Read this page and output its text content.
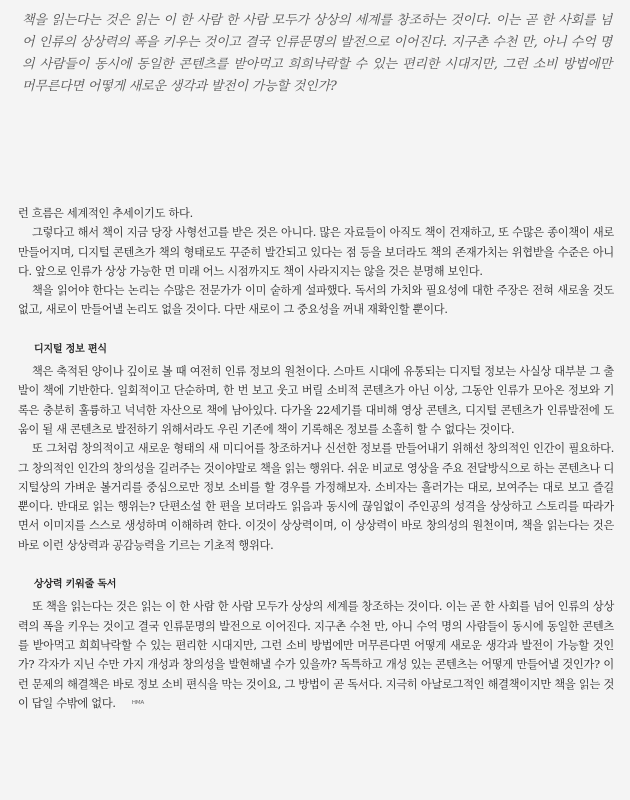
책을 읽는다는 것은 읽는 이 한 사람 한 사람 모두가 상상의 세계를 창조하는 것이다. 이는 곧 한 사회를 넘어 인류의 상상력의 폭을 키우는 것이고 결국 인류문명의 발전으로 이어진다. 지구촌 수천 만, 아니 수억 명의 사람들이 동시에 동일한 콘텐츠를 받아먹고 희희낙락할 수 있는 편리한 시대지만, 그런 소비 방법에만 머무른다면 어떻게 새로운 생각과 발전이 가능할 것인가?

런 흐름은 세계적인 추세이기도 하다.

그렇다고 해서 책이 지금 당장 사형선고를 받은 것은 아니다. 많은 자료들이 아직도 책이 건재하고, 또 수많은 종이책이 새로 만들어지며, 디지털 콘텐츠가 책의 형태로도 꾸준히 발간되고 있다는 점 등을 보더라도 책의 존재가치는 위협받을 수준은 아니다. 앞으로 인류가 상상 가능한 먼 미래 어느 시점까지도 책이 사라지지는 않을 것은 분명해 보인다.

책을 읽어야 한다는 논리는 수많은 전문가가 이미 숱하게 설파했다. 독서의 가치와 필요성에 대한 주장은 전혀 새로울 것도 없고, 새로이 만들어낼 논리도 없을 것이다. 다만 새로이 그 중요성을 꺼내 재확인할 뿐이다.

디지털 정보 편식

책은 축적된 양이나 깊이로 볼 때 여전히 인류 정보의 원천이다. 스마트 시대에 유통되는 디지털 정보는 사실상 대부분 그 출발이 책에 기반한다. 일회적이고 단순하며, 한 번 보고 웃고 버릴 소비적 콘텐츠가 아닌 이상, 그동안 인류가 모아온 정보와 기록은 충분히 훌륭하고 넉넉한 자산으로 책에 남아있다. 다가올 22세기를 대비해 영상 콘텐츠, 디지털 콘텐츠가 인류발전에 도움이 될 새 콘텐츠로 발전하기 위해서라도 우린 기존에 책이 기록해온 정보를 소홀히 할 수 없다는 것이다.

또 그처럼 창의적이고 새로운 형태의 새 미디어를 창조하거나 신선한 정보를 만들어내기 위해선 창의적인 인간이 필요하다. 그 창의적인 인간의 창의성을 길러주는 것이야말로 책을 읽는 행위다. 쉬운 비교로 영상을 주요 전달방식으로 하는 콘텐츠나 디지털상의 가벼운 볼거리를 중심으로만 정보 소비를 할 경우를 가정해보자. 소비자는 흘러가는 대로, 보여주는 대로 보고 즐길 뿐이다. 반대로 읽는 행위는? 단편소설 한 편을 보더라도 읽음과 동시에 끊임없이 주인공의 성격을 상상하고 스토리를 따라가면서 이미지를 스스로 생성하며 이해하려 한다. 이것이 상상력이며, 이 상상력이 바로 창의성의 원천이며, 책을 읽는다는 것은 바로 이런 상상력과 공감능력을 기르는 기초적 행위다.

상상력 키워줄 독서

또 책을 읽는다는 것은 읽는 이 한 사람 한 사람 모두가 상상의 세계를 창조하는 것이다. 이는 곧 한 사회를 넘어 인류의 상상력의 폭을 키우는 것이고 결국 인류문명의 발전으로 이어진다. 지구촌 수천 만, 아니 수억 명의 사람들이 동시에 동일한 콘텐츠를 받아먹고 희희낙락할 수 있는 편리한 시대지만, 그런 소비 방법에만 머무른다면 어떻게 새로운 생각과 발전이 가능할 것인가? 각자가 지닌 수만 가지 개성과 창의성을 발현해낼 수가 있을까? 독특하고 개성 있는 콘텐츠는 어떻게 만들어낼 것인가? 이런 문제의 해결책은 바로 정보 소비 편식을 막는 것이요, 그 방법이 곧 독서다. 지극히 아날로그적인 해결책이지만 책을 읽는 것이 답일 수밖에 없다. ᴴᴹᴬ
